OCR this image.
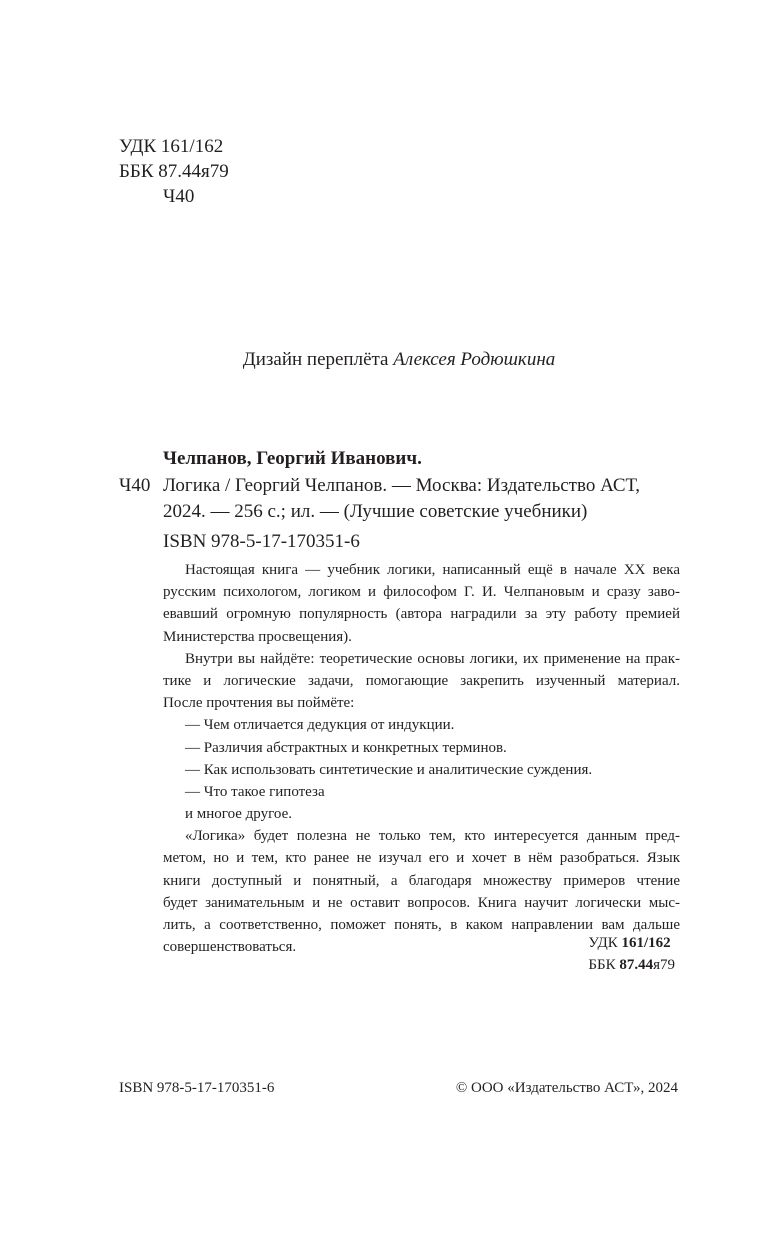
УДК 161/162
ББК 87.44я79
Ч40
Дизайн переплёта Алексея Родюшкина
Челпанов, Георгий Иванович.
Ч40 Логика / Георгий Челпанов. — Москва: Издательство АСТ,
2024. — 256 с.; ил. — (Лучшие советские учебники)
ISBN 978-5-17-170351-6
Настоящая книга — учебник логики, написанный ещё в начале XX века
русским психологом, логиком и философом Г. И. Челпановым и сразу заво-
евавший огромную популярность (автора наградили за эту работу премией
Министерства просвещения).
Внутри вы найдёте: теоретические основы логики, их применение на прак-
тике и логические задачи, помогающие закрепить изученный материал.
После прочтения вы поймёте:
— Чем отличается дедукция от индукции.
— Различия абстрактных и конкретных терминов.
— Как использовать синтетические и аналитические суждения.
— Что такое гипотеза
и многое другое.
«Логика» будет полезна не только тем, кто интересуется данным пред-
метом, но и тем, кто ранее не изучал его и хочет в нём разобраться. Язык
книги доступный и понятный, а благодаря множеству примеров чтение
будет занимательным и не оставит вопросов. Книга научит логически мыс-
лить, а соответственно, поможет понять, в каком направлении вам дальше
совершенствоваться.	УДК 161/162
ББК 87.44я79
ISBN 978-5-17-170351-6	© ООО «Издательство АСТ», 2024
